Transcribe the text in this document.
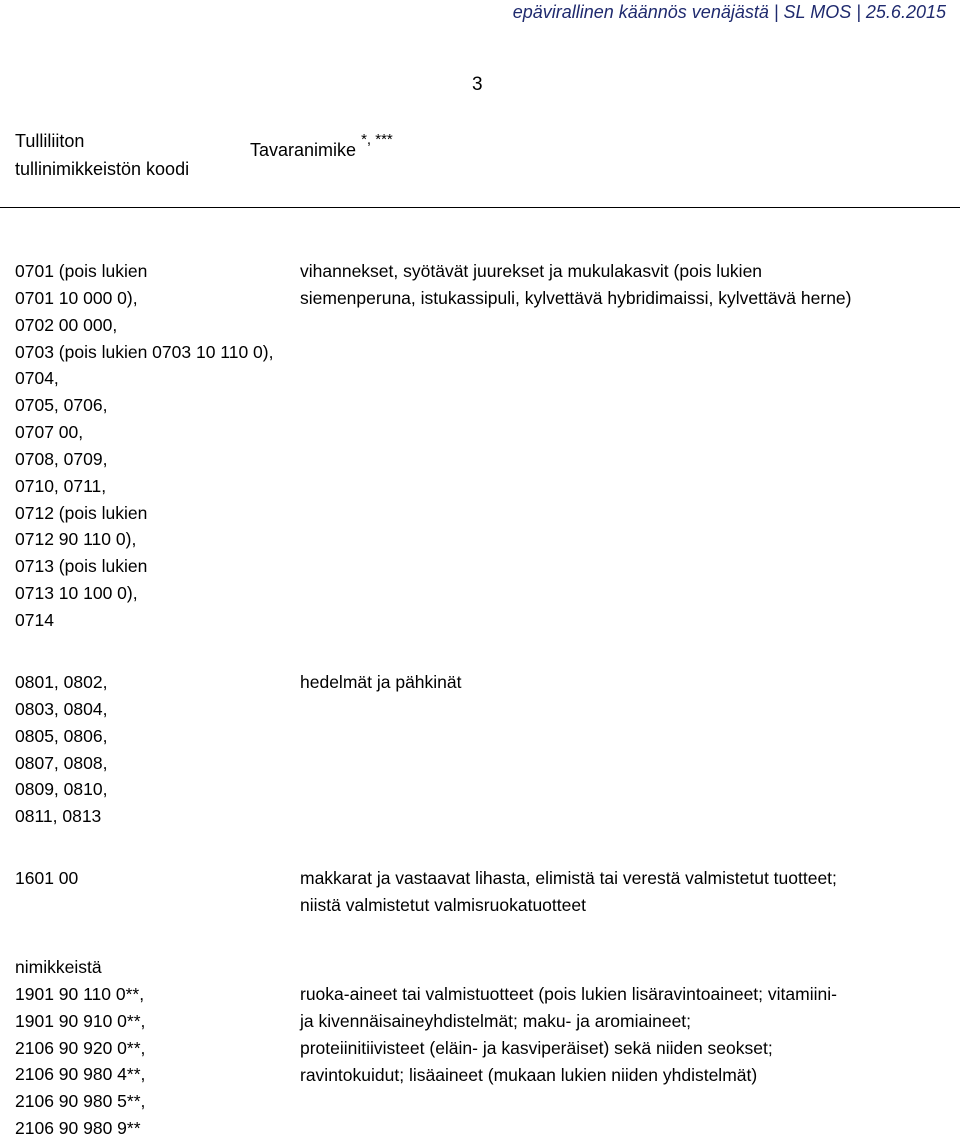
epävirallinen käännös venäjästä | SL MOS | 25.6.2015
3
Tulliliiton
tullinimikkeistön koodi
Tavaranimike *, ***
0701 (pois lukien
0701 10 000 0),
0702 00 000,
0703 (pois lukien 0703 10 110 0),
0704,
0705, 0706,
0707 00,
0708, 0709,
0710, 0711,
0712 (pois lukien
0712 90 110 0),
0713 (pois lukien
0713 10 100 0),
0714
vihannekset, syötävät juurekset ja mukulakasvit (pois lukien
siemenperuna, istukassipuli, kylvettävä hybridimaissi, kylvettävä herne)
0801, 0802,
0803, 0804,
0805, 0806,
0807, 0808,
0809, 0810,
0811, 0813
hedelmät ja pähkinät
1601 00	makkarat ja vastaavat lihasta, elimistä tai verestä valmistetut tuotteet;
niistä valmistetut valmisruokatuotteet
nimikkeistä
1901 90 110 0**,
1901 90 910 0**,
2106 90 920 0**,
2106 90 980 4**,
2106 90 980 5**,
2106 90 980 9**
ruoka-aineet tai valmistuotteet (pois lukien lisäravintoaineet; vitamiini-
ja kivennäisaineyhdistelmät; maku- ja aromiaineet;
proteiinitiivisteet (eläin- ja kasviperäiset) sekä niiden seokset;
ravintokuidut; lisäaineet (mukaan lukien niiden yhdistelmät)
